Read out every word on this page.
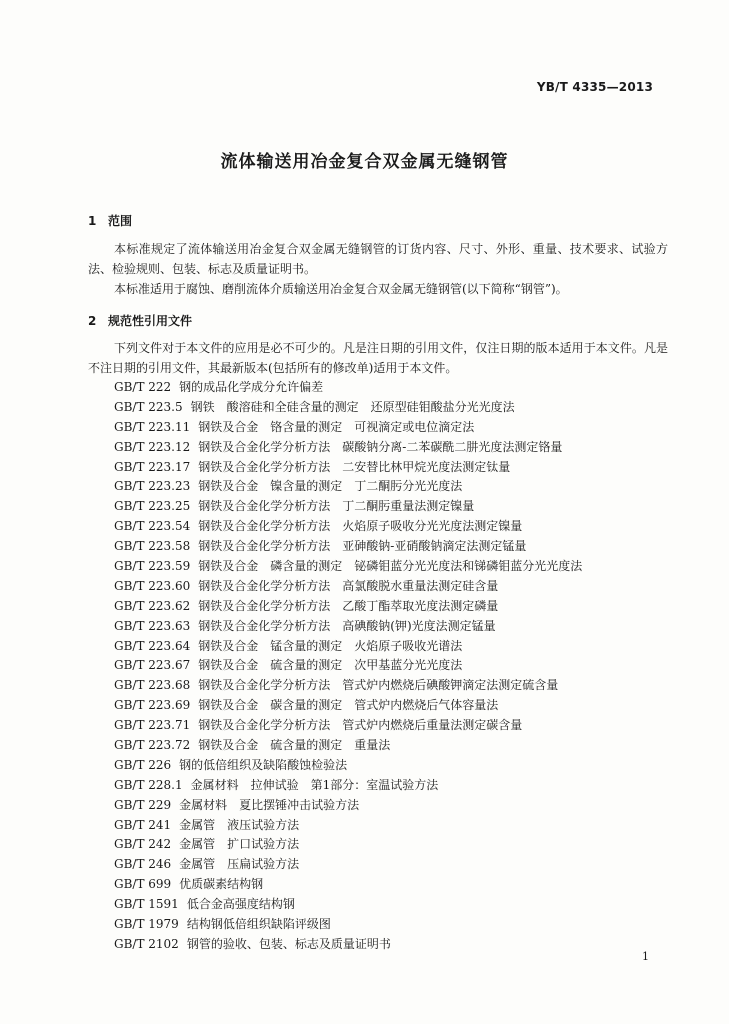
YB/T 4335—2013
流体输送用冶金复合双金属无缝钢管
1 范围
本标准规定了流体输送用冶金复合双金属无缝钢管的订货内容、尺寸、外形、重量、技术要求、试验方法、检验规则、包装、标志及质量证明书。
本标准适用于腐蚀、磨削流体介质输送用冶金复合双金属无缝钢管(以下简称“钢管”)。
2 规范性引用文件
下列文件对于本文件的应用是必不可少的。凡是注日期的引用文件，仅注日期的版本适用于本文件。凡是不注日期的引用文件，其最新版本(包括所有的修改单)适用于本文件。
GB/T 222 钢的成品化学成分允许偏差
GB/T 223.5 钢铁　酸溶硅和全硅含量的测定　还原型硅钼酸盐分光光度法
GB/T 223.11 钢铁及合金　铬含量的测定　可视滴定或电位滴定法
GB/T 223.12 钢铁及合金化学分析方法　碳酸钠分离-二苯碳酰二肼光度法测定铬量
GB/T 223.17 钢铁及合金化学分析方法　二安替比林甲烷光度法测定钛量
GB/T 223.23 钢铁及合金　镍含量的测定　丁二酮肟分光光度法
GB/T 223.25 钢铁及合金化学分析方法　丁二酮肟重量法测定镍量
GB/T 223.54 钢铁及合金化学分析方法　火焰原子吸收分光光度法测定镍量
GB/T 223.58 钢铁及合金化学分析方法　亚砷酸钠-亚硝酸钠滴定法测定锰量
GB/T 223.59 钢铁及合金　磷含量的测定　铋磷钼蓝分光光度法和锑磷钼蓝分光光度法
GB/T 223.60 钢铁及合金化学分析方法　高氯酸脱水重量法测定硅含量
GB/T 223.62 钢铁及合金化学分析方法　乙酸丁酯萃取光度法测定磷量
GB/T 223.63 钢铁及合金化学分析方法　高碘酸钠(钾)光度法测定锰量
GB/T 223.64 钢铁及合金　锰含量的测定　火焰原子吸收光谱法
GB/T 223.67 钢铁及合金　硫含量的测定　次甲基蓝分光光度法
GB/T 223.68 钢铁及合金化学分析方法　管式炉内燃烧后碘酸钾滴定法测定硫含量
GB/T 223.69 钢铁及合金　碳含量的测定　管式炉内燃烧后气体容量法
GB/T 223.71 钢铁及合金化学分析方法　管式炉内燃烧后重量法测定碳含量
GB/T 223.72 钢铁及合金　硫含量的测定　重量法
GB/T 226 钢的低倍组织及缺陷酸蚀检验法
GB/T 228.1 金属材料　拉伸试验　第1部分：室温试验方法
GB/T 229 金属材料　夏比摆锤冲击试验方法
GB/T 241 金属管　液压试验方法
GB/T 242 金属管　扩口试验方法
GB/T 246 金属管　压扁试验方法
GB/T 699 优质碳素结构钢
GB/T 1591 低合金高强度结构钢
GB/T 1979 结构钢低倍组织缺陷评级图
GB/T 2102 钢管的验收、包装、标志及质量证明书
1
